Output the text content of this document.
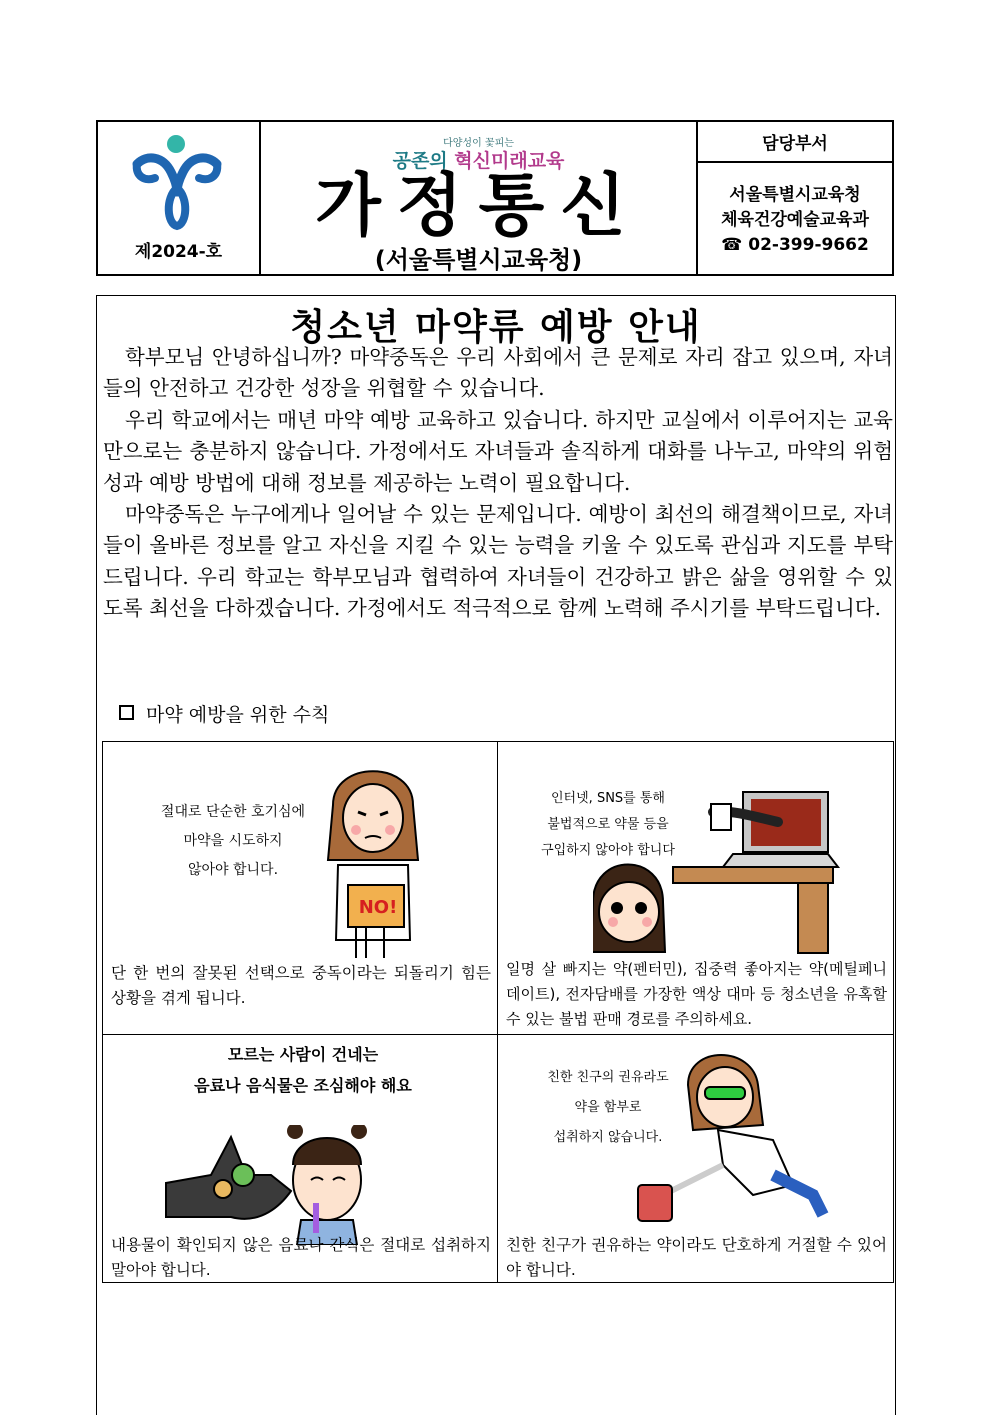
제2024-호
다양성이 꽃피는
공존의 혁신미래교육
가정통신
(서울특별시교육청)
담당부서
서울특별시교육청
체육건강예술교육과
☎ 02-399-9662
청소년 마약류 예방 안내

학부모님 안녕하십니까? 마약중독은 우리 사회에서 큰 문제로 자리 잡고 있으며, 자녀들의 안전하고 건강한 성장을 위협할 수 있습니다.

우리 학교에서는 매년 마약 예방 교육하고 있습니다. 하지만 교실에서 이루어지는 교육만으로는 충분하지 않습니다. 가정에서도 자녀들과 솔직하게 대화를 나누고, 마약의 위험성과 예방 방법에 대해 정보를 제공하는 노력이 필요합니다.

마약중독은 누구에게나 일어날 수 있는 문제입니다. 예방이 최선의 해결책이므로, 자녀들이 올바른 정보를 알고 자신을 지킬 수 있는 능력을 키울 수 있도록 관심과 지도를 부탁드립니다. 우리 학교는 학부모님과 협력하여 자녀들이 건강하고 밝은 삶을 영위할 수 있도록 최선을 다하겠습니다. 가정에서도 적극적으로 함께 노력해 주시기를 부탁드립니다.

마약 예방을 위한 수칙
절대로 단순한 호기심에
마약을 시도하지
않아야 합니다.
NO!
단 한 번의 잘못된 선택으로 중독이라는 되돌리기 힘든 상황을 겪게 됩니다.
인터넷, SNS를 통해
불법적으로 약물 등을
구입하지 않아야 합니다
일명 살 빠지는 약(펜터민), 집중력 좋아지는 약(메틸페니데이트), 전자담배를 가장한 액상 대마 등 청소년을 유혹할 수 있는 불법 판매 경로를 주의하세요.
모르는 사람이 건네는
음료나 음식물은 조심해야 해요
내용물이 확인되지 않은 음료나 간식은 절대로 섭취하지 말아야 합니다.
친한 친구의 권유라도
약을 함부로
섭취하지 않습니다.
친한 친구가 권유하는 약이라도 단호하게 거절할 수 있어야 합니다.
